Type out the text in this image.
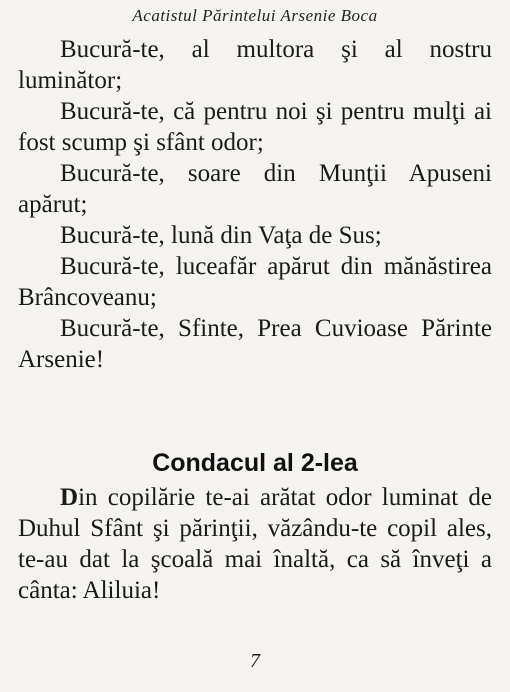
Acatistul Părintelui Arsenie Boca

Bucură-te, al multora şi al nostru luminător;

Bucură-te, că pentru noi şi pentru mulţi ai fost scump şi sfânt odor;

Bucură-te, soare din Munţii Apuseni apărut;

Bucură-te, lună din Vaţa de Sus;

Bucură-te, luceafăr apărut din mănăstirea Brâncoveanu;

Bucură-te, Sfinte, Prea Cuvioase Părinte Arsenie!

Condacul al 2-lea

Din copilărie te-ai arătat odor luminat de Duhul Sfânt şi părinţii, văzându-te copil ales, te-au dat la şcoală mai înaltă, ca să înveţi a cânta: Aliluia!

7
